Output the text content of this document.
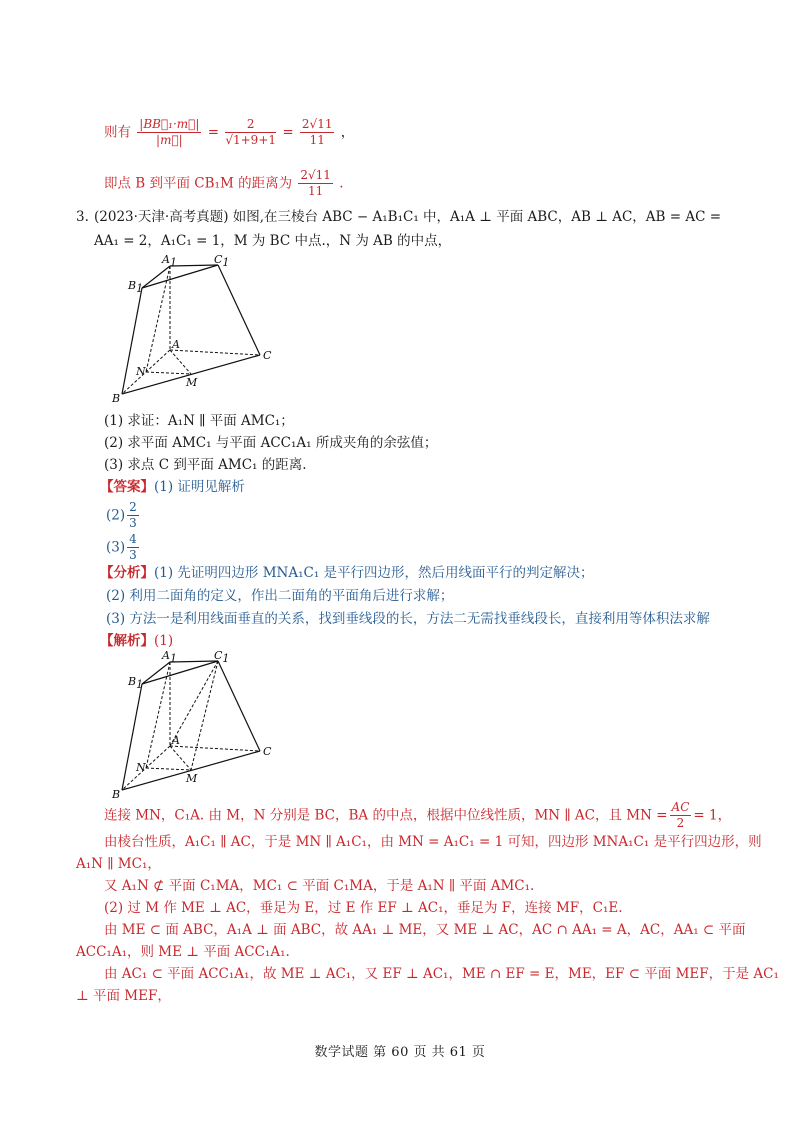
则有 $\frac{\text{|BB⃗₁·m⃗|}}{|m⃗|} = \frac{2}{√1+9+1} = \frac{2√11}{11}$ ，
即点 B 到平面 CB₁M 的距离为 $\frac{2√11}{11}$ .
3. (2023·天津·高考真题) 如图,在三棱台 ABC − A₁B₁C₁ 中，A₁A ⊥ 平面 ABC，AB ⊥ AC，AB = AC =
AA₁ = 2，A₁C₁ = 1，M 为 BC 中点.，N 为 AB 的中点，
A1	C1
B1
A
C
N
M
B
(1) 求证：A₁N ∥ 平面 AMC₁；
(2) 求平面 AMC₁ 与平面 ACC₁A₁ 所成夹角的余弦值；
(3) 求点 C 到平面 AMC₁ 的距离.
【答案】(1) 证明见解析
$(2) \frac{2}{3}$
$(3) \frac{4}{3}$
【分析】(1) 先证明四边形 MNA₁C₁ 是平行四边形，然后用线面平行的判定解决；
(2) 利用二面角的定义，作出二面角的平面角后进行求解；
(3) 方法一是利用线面垂直的关系，找到垂线段的长，方法二无需找垂线段长，直接利用等体积法求解
【解析】(1)
A1	C1
B1
A
C
N
M
B
连接 MN，C₁A. 由 M，N 分别是 BC，BA 的中点，根据中位线性质，MN ∥ AC，且 MN = $\frac{AC}{2} = 1$，
由棱台性质，A₁C₁ ∥ AC，于是 MN ∥ A₁C₁，由 MN = A₁C₁ = 1 可知，四边形 MNA₁C₁ 是平行四边形，则
A₁N ∥ MC₁，
又 A₁N ⊄ 平面 C₁MA，MC₁ ⊂ 平面 C₁MA，于是 A₁N ∥ 平面 AMC₁.
(2) 过 M 作 ME ⊥ AC，垂足为 E，过 E 作 EF ⊥ AC₁，垂足为 F，连接 MF，C₁E.
由 ME ⊂ 面 ABC，A₁A ⊥ 面 ABC，故 AA₁ ⊥ ME，又 ME ⊥ AC，AC ∩ AA₁ = A，AC，AA₁ ⊂ 平面
ACC₁A₁，则 ME ⊥ 平面 ACC₁A₁.
由 AC₁ ⊂ 平面 ACC₁A₁，故 ME ⊥ AC₁，又 EF ⊥ AC₁，ME ∩ EF = E，ME，EF ⊂ 平面 MEF，于是 AC₁
⊥ 平面 MEF，
数学试题 第 60 页 共 61 页
